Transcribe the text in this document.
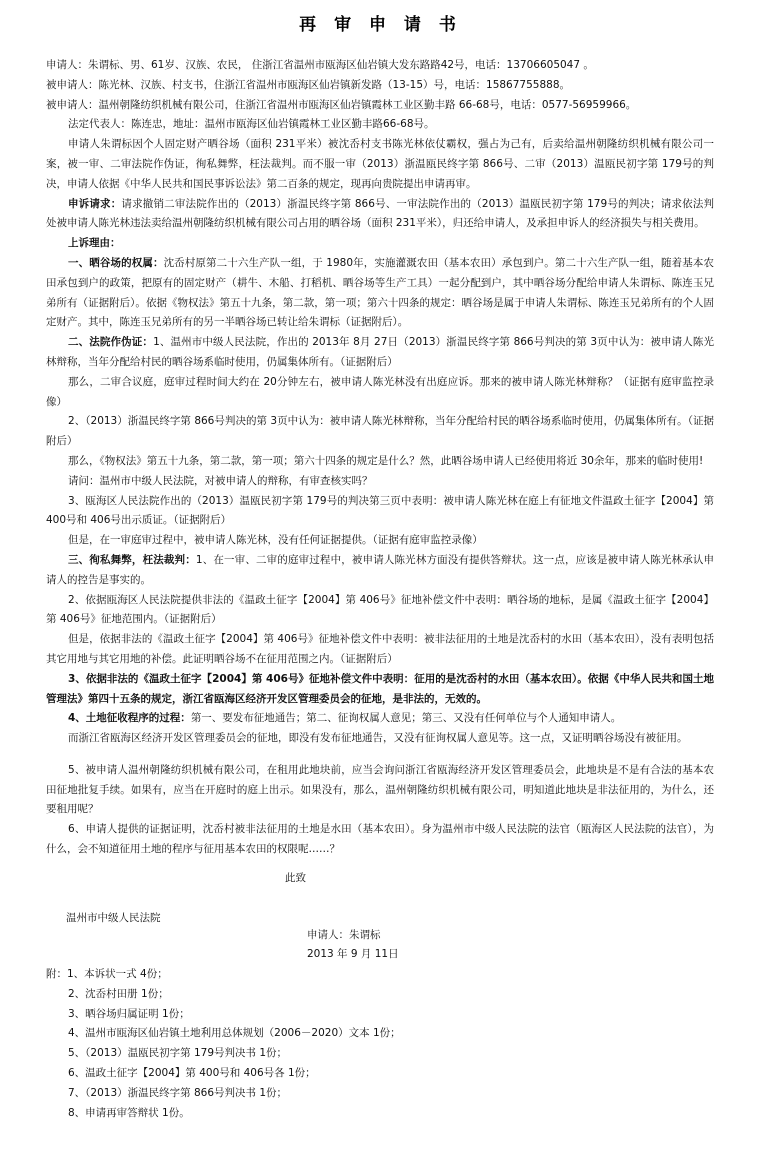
再 审 申 请 书

申请人：朱谓标、男、61岁、汉族、农民， 住浙江省温州市瓯海区仙岩镇大发东路路42号，电话：13706605047 。

被申请人：陈光林、汉族、村支书，住浙江省温州市瓯海区仙岩镇新发路（13-15）号，电话：15867755888。

被申请人：温州朝隆纺织机械有限公司，住浙江省温州市瓯海区仙岩镇霞林工业区勤丰路 66-68号，电话：0577-56959966。

法定代表人：陈连忠，地址：温州市瓯海区仙岩镇霞林工业区勤丰路66-68号。

申请人朱谓标因个人固定财产晒谷场（面积 231平米）被沈岙村支书陈光林依仗霸权，强占为己有，后卖给温州朝隆纺织机械有限公司一案，被一审、二审法院作伪证，徇私舞弊，枉法裁判。而不服一审（2013）浙温瓯民终字第 866号、二审（2013）温瓯民初字第 179号的判决，申请人依据《中华人民共和国民事诉讼法》第二百条的规定，现再向贵院提出申请再审。

申诉请求：请求撤销二审法院作出的（2013）浙温民终字第 866号、一审法院作出的（2013）温瓯民初字第 179号的判决；请求依法判处被申请人陈光林违法卖给温州朝隆纺织机械有限公司占用的晒谷场（面积 231平米），归还给申请人，及承担申诉人的经济损失与相关费用。

上诉理由：

一、晒谷场的权属：沈岙村原第二十六生产队一组，于 1980年，实施灌溉农田（基本农田）承包到户。第二十六生产队一组，随着基本农田承包到户的政策，把原有的固定财产（耕牛、木船、打稻机、晒谷场等生产工具）一起分配到户，其中晒谷场分配给申请人朱谓标、陈连玉兄弟所有（证据附后）。依据《物权法》第五十九条，第二款，第一项；第六十四条的规定：晒谷场是属于申请人朱谓标、陈连玉兄弟所有的个人固定财产。其中，陈连玉兄弟所有的另一半晒谷场已转让给朱谓标（证据附后）。

二、法院作伪证：1、温州市中级人民法院，作出的 2013年 8月 27日（2013）浙温民终字第 866号判决的第 3页中认为：被申请人陈光林辩称，当年分配给村民的晒谷场系临时使用，仍属集体所有。（证据附后）

那么，二审合议庭，庭审过程时间大约在 20分钟左右，被申请人陈光林没有出庭应诉。那来的被申请人陈光林辩称？（证据有庭审监控录像）

2、（2013）浙温民终字第 866号判决的第 3页中认为：被申请人陈光林辩称，当年分配给村民的晒谷场系临时使用，仍属集体所有。（证据附后）

那么，《物权法》第五十九条，第二款，第一项；第六十四条的规定是什么？然，此晒谷场申请人已经使用将近 30余年，那来的临时使用!

请问：温州市中级人民法院，对被申请人的辩称，有审查核实吗？

3、瓯海区人民法院作出的（2013）温瓯民初字第 179号的判决第三页中表明：被申请人陈光林在庭上有征地文件温政土征字【2004】第 400号和 406号出示质证。（证据附后）

但是，在一审庭审过程中，被申请人陈光林，没有任何证据提供。（证据有庭审监控录像）

三、徇私舞弊，枉法裁判：1、在一审、二审的庭审过程中，被申请人陈光林方面没有提供答辩状。这一点，应该是被申请人陈光林承认申请人的控告是事实的。

2、依据瓯海区人民法院提供非法的《温政土征字【2004】第 406号》征地补偿文件中表明：晒谷场的地标，是属《温政土征字【2004】第 406号》征地范围内。（证据附后）

但是，依据非法的《温政土征字【2004】第 406号》征地补偿文件中表明：被非法征用的土地是沈岙村的水田（基本农田），没有表明包括其它用地与其它用地的补偿。此证明晒谷场不在征用范围之内。（证据附后）

3、依据非法的《温政土征字【2004】第 406号》征地补偿文件中表明：征用的是沈岙村的水田（基本农田）。依据《中华人民共和国土地管理法》第四十五条的规定，浙江省瓯海区经济开发区管理委员会的征地，是非法的，无效的。

4、土地征收程序的过程：第一、要发布征地通告；第二、征询权属人意见；第三、又没有任何单位与个人通知申请人。

而浙江省瓯海区经济开发区管理委员会的征地，即没有发布征地通告，又没有征询权属人意见等。这一点，又证明晒谷场没有被征用。

5、被申请人温州朝隆纺织机械有限公司，在租用此地块前，应当会询问浙江省瓯海经济开发区管理委员会，此地块是不是有合法的基本农田征地批复手续。如果有，应当在开庭时的庭上出示。如果没有，那么，温州朝隆纺织机械有限公司，明知道此地块是非法征用的，为什么，还要租用呢？

6、申请人提供的证据证明，沈岙村被非法征用的土地是水田（基本农田）。身为温州市中级人民法院的法官（瓯海区人民法院的法官），为什么，会不知道征用土地的程序与征用基本农田的权限呢……？

此致
温州市中级人民法院
申请人：朱谓标
2013 年 9 月 11日

附：1、本诉状一式 4份；

2、沈岙村田册 1份；

3、晒谷场归属证明 1份；

4、温州市瓯海区仙岩镇土地利用总体规划（2006－2020）文本 1份；

5、（2013）温瓯民初字第 179号判决书 1份；

6、温政土征字【2004】第 400号和 406号各 1份；

7、（2013）浙温民终字第 866号判决书 1份；

8、申请再审答辩状 1份。
